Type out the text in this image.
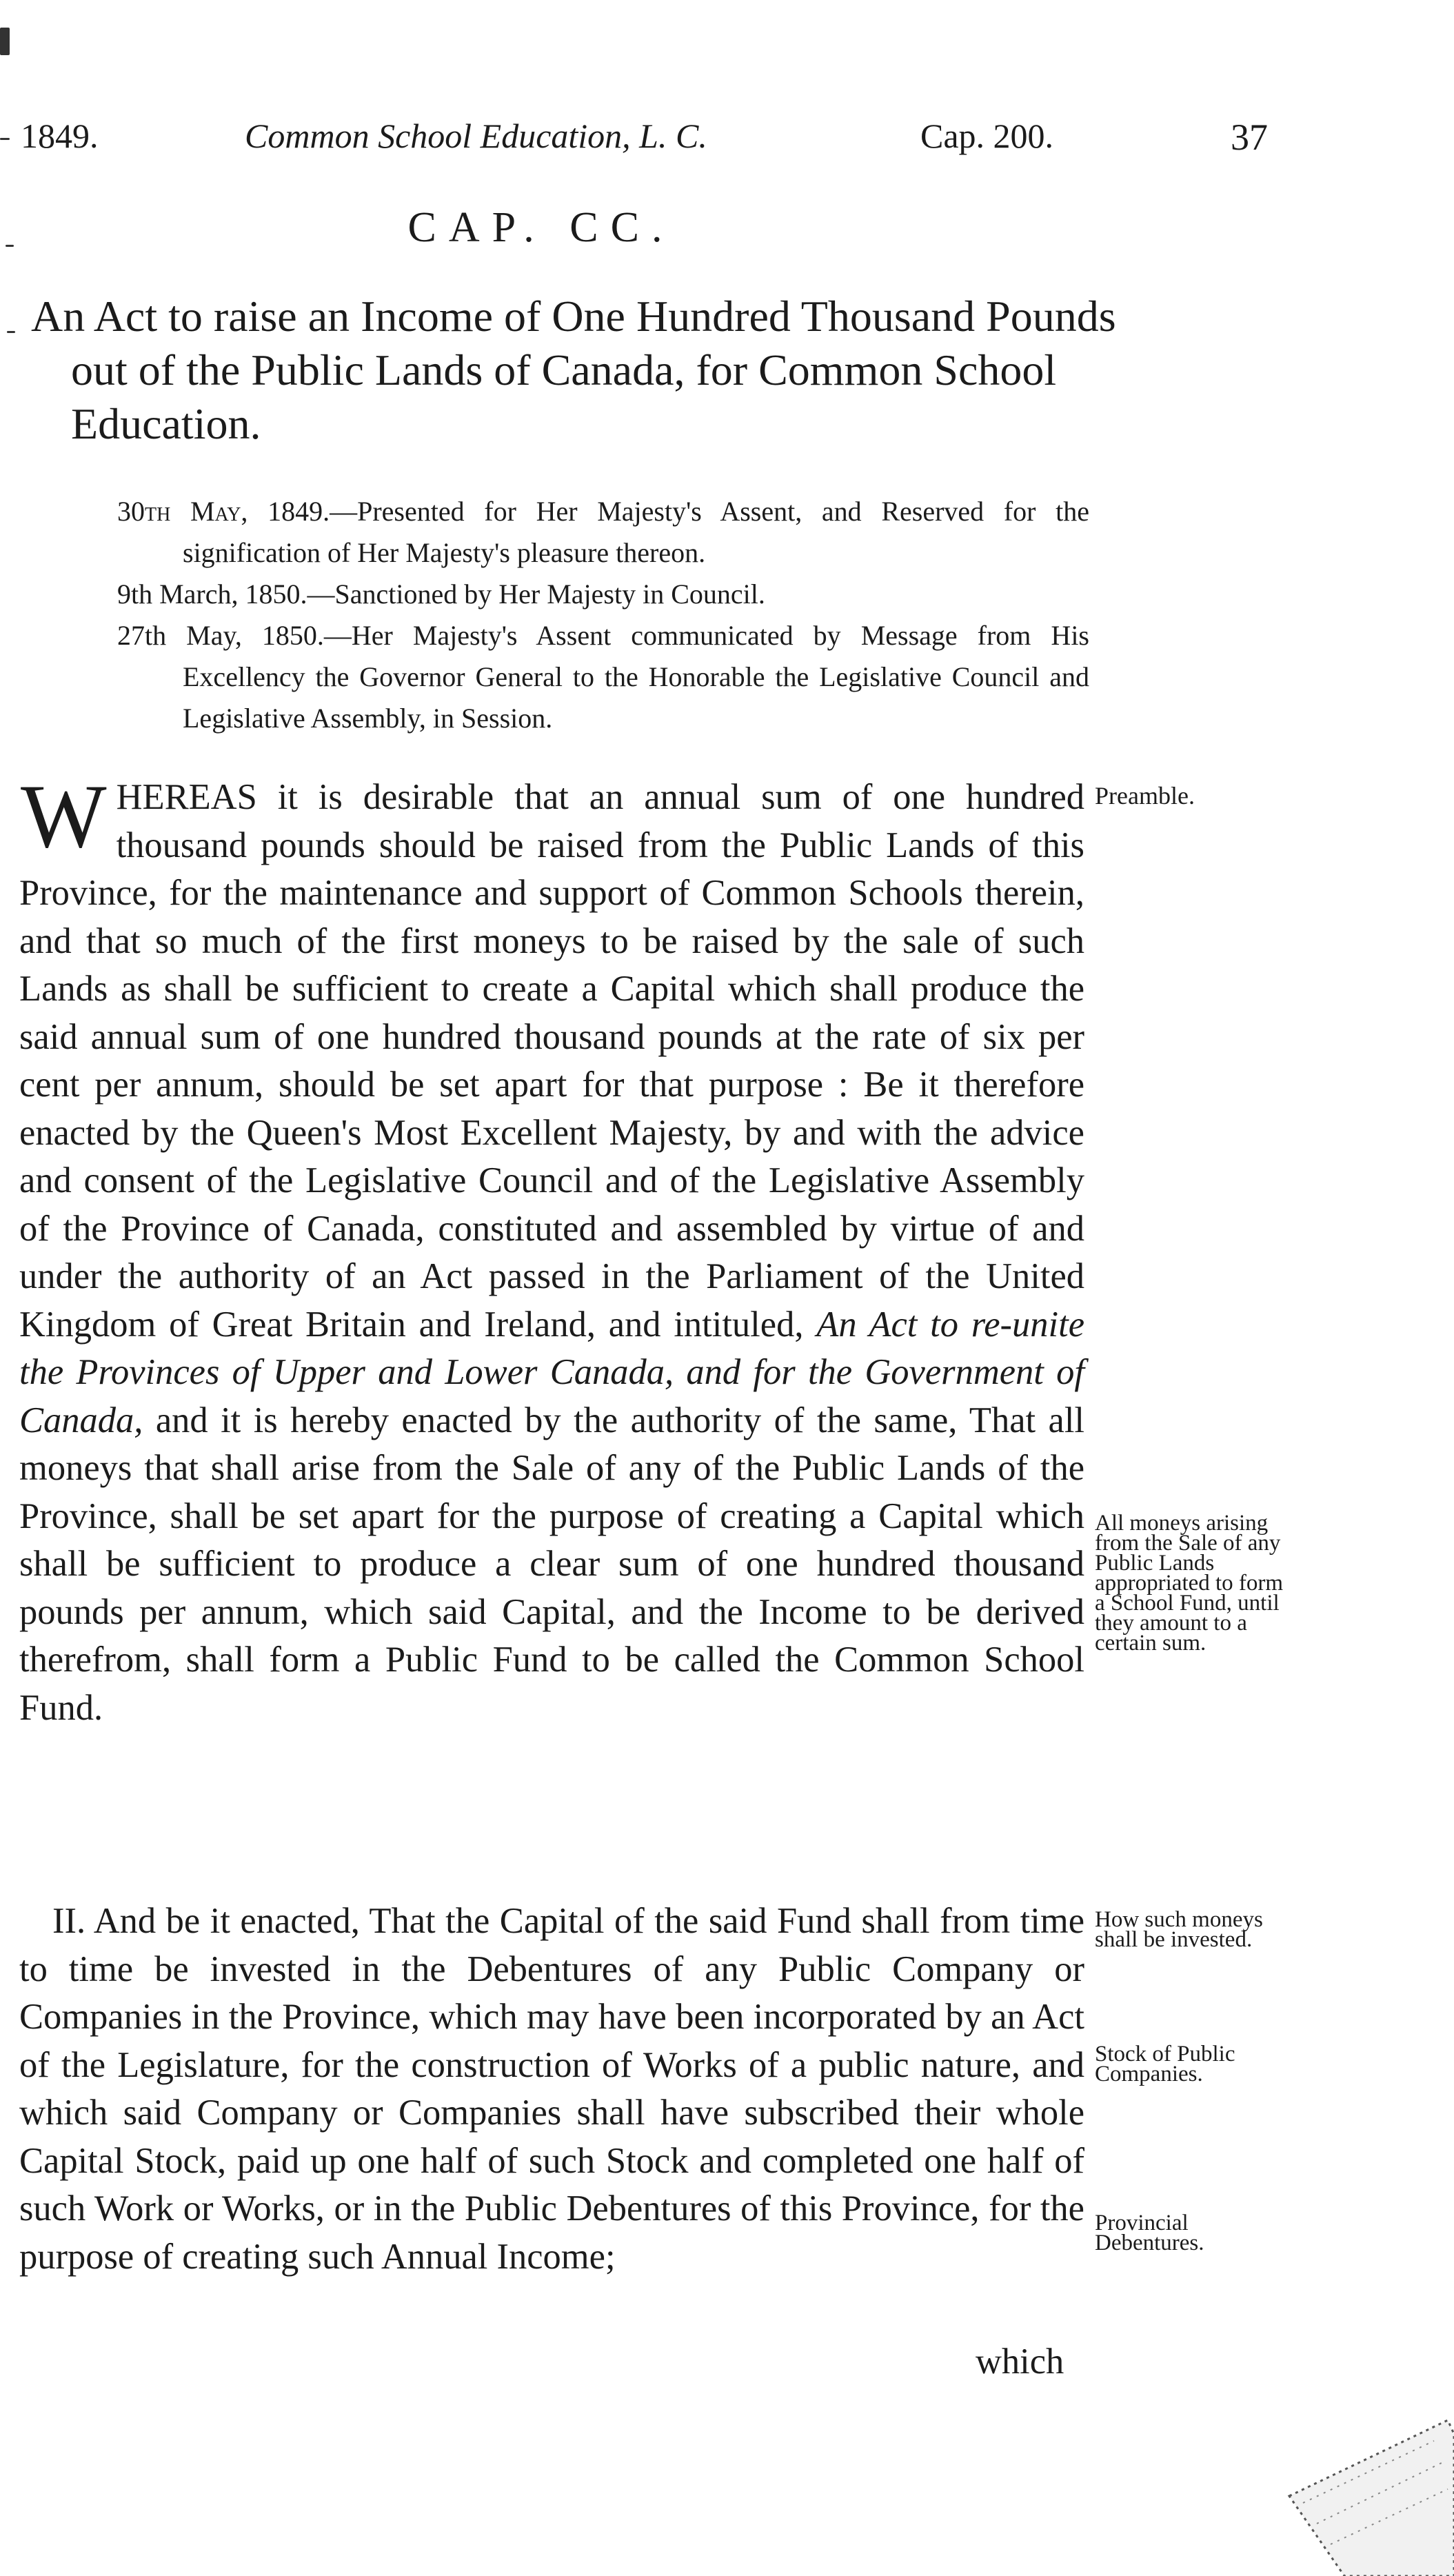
1849.	Common School Education, L. C.	Cap. 200.	37
CAP. CC.

An Act to raise an Income of One Hundred Thousand Pounds out of the Public Lands of Canada, for Common School Education.

30th May, 1849.—Presented for Her Majesty's Assent, and Reserved for the signification of Her Majesty's pleasure thereon.

9th March, 1850.—Sanctioned by Her Majesty in Council.

27th May, 1850.—Her Majesty's Assent communicated by Message from His Excellency the Governor General to the Honorable the Legislative Council and Legislative Assembly, in Session.

WHEREAS it is desirable that an annual sum of one hundred thousand pounds should be raised from the Public Lands of this Province, for the maintenance and support of Common Schools therein, and that so much of the first moneys to be raised by the sale of such Lands as shall be sufficient to create a Capital which shall produce the said annual sum of one hundred thousand pounds at the rate of six per cent per annum, should be set apart for that purpose : Be it therefore enacted by the Queen's Most Excellent Majesty, by and with the advice and consent of the Legislative Council and of the Legislative Assembly of the Province of Canada, constituted and assembled by virtue of and under the authority of an Act passed in the Parliament of the United Kingdom of Great Britain and Ireland, and intituled, An Act to re-unite the Provinces of Upper and Lower Canada, and for the Government of Canada, and it is hereby enacted by the authority of the same, That all moneys that shall arise from the Sale of any of the Public Lands of the Province, shall be set apart for the purpose of creating a Capital which shall be sufficient to produce a clear sum of one hundred thousand pounds per annum, which said Capital, and the Income to be derived therefrom, shall form a Public Fund to be called the Common School Fund.

II. And be it enacted, That the Capital of the said Fund shall from time to time be invested in the Debentures of any Public Company or Companies in the Province, which may have been incorporated by an Act of the Legislature, for the construction of Works of a public nature, and which said Company or Companies shall have subscribed their whole Capital Stock, paid up one half of such Stock and completed one half of such Work or Works, or in the Public Debentures of this Province, for the purpose of creating such Annual Income;

which

Preamble.

All moneys arising from the Sale of any Public Lands appropriated to form a School Fund, until they amount to a certain sum.

How such moneys shall be invested.

Stock of Public Companies.

Provincial Debentures.
